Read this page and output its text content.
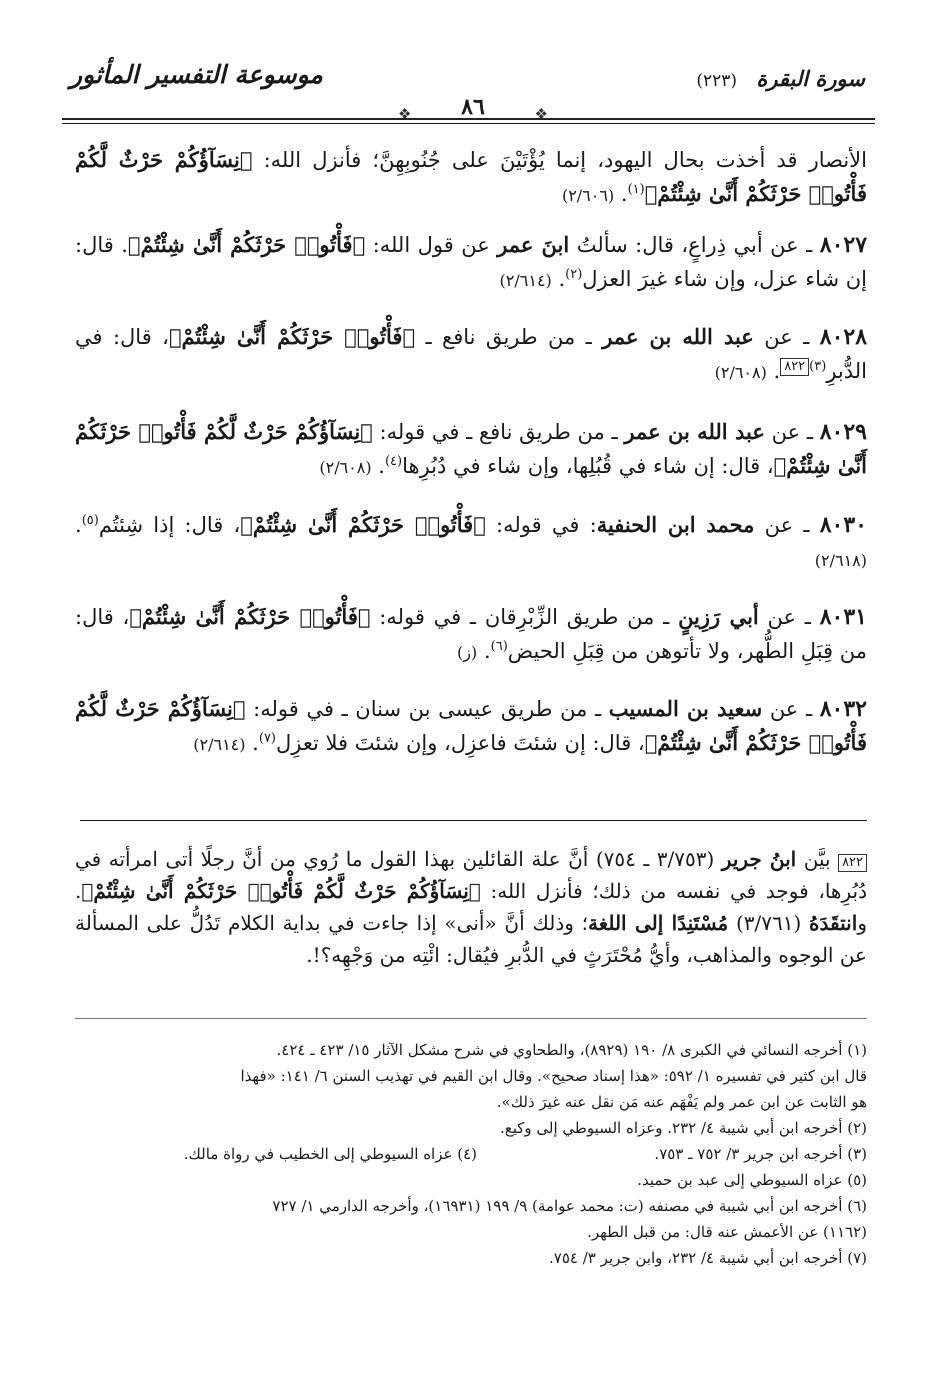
سورة البقرة (٢٢٣)
موسوعة التفسير المأثور
❖	٨٦	❖
الأنصار قد أخذت بحال اليهود، إنما يُؤْتَيْنَ على جُنُوبِهِنَّ؛ فأنزل الله: ﴿نِسَآؤُكُمْ حَرْثٌ لَّكُمْ فَأْتُوا۟ حَرْثَكُمْ أَنَّىٰ شِئْتُمْ﴾$^{(١)}$. (٢/٦٠٦)
٨٠٢٧ ـ عن أبي ذِراعٍ، قال: سألتُ ابنَ عمر عن قول الله: ﴿فَأْتُوا۟ حَرْثَكُمْ أَنَّىٰ شِئْتُمْ﴾. قال: إن شاء عزل، وإن شاء غيرَ العزل$^{(٢)}$. (٢/٦١٤)
٨٠٢٨ ـ عن عبد الله بن عمر ـ من طريق نافع ـ ﴿فَأْتُوا۟ حَرْثَكُمْ أَنَّىٰ شِئْتُمْ﴾، قال: في الدُّبرِ$^{(٣)}$٨٢٢. (٢/٦٠٨)
٨٠٢٩ ـ عن عبد الله بن عمر ـ من طريق نافع ـ في قوله: ﴿نِسَآؤُكُمْ حَرْثٌ لَّكُمْ فَأْتُوا۟ حَرْثَكُمْ أَنَّىٰ شِئْتُمْ﴾، قال: إن شاء في قُبُلِها، وإن شاء في دُبُرِها$^{(٤)}$. (٢/٦٠٨)
٨٠٣٠ ـ عن محمد ابن الحنفية: في قوله: ﴿فَأْتُوا۟ حَرْثَكُمْ أَنَّىٰ شِئْتُمْ﴾، قال: إذا شِئتُم$^{(٥)}$. (٢/٦١٨)
٨٠٣١ ـ عن أبي رَزِينٍ ـ من طريق الزِّبْرِقان ـ في قوله: ﴿فَأْتُوا۟ حَرْثَكُمْ أَنَّىٰ شِئْتُمْ﴾، قال: من قِبَلِ الطُّهر، ولا تأتوهن من قِبَلِ الحيض$^{(٦)}$. (ز)
٨٠٣٢ ـ عن سعيد بن المسيب ـ من طريق عيسى بن سنان ـ في قوله: ﴿نِسَآؤُكُمْ حَرْثٌ لَّكُمْ فَأْتُوا۟ حَرْثَكُمْ أَنَّىٰ شِئْتُمْ﴾، قال: إن شئتَ فاعزِل، وإن شئتَ فلا تعزِل$^{(٧)}$. (٢/٦١٤)
٨٢٢ بيَّن ابنُ جرير (٣/٧٥٣ ـ ٧٥٤) أنَّ علة القائلين بهذا القول ما رُوي من أنَّ رجلًا أتى امرأته في دُبُرِها، فوجد في نفسه من ذلك؛ فأنزل الله: ﴿نِسَآؤُكُمْ حَرْثٌ لَّكُمْ فَأْتُوا۟ حَرْثَكُمْ أَنَّىٰ شِئْتُمْ﴾. وانتقَدَهُ (٣/٧٦١) مُسْتَنِدًا إلى اللغة؛ وذلك أنَّ «أنى» إذا جاءت في بداية الكلام تَدُلُّ على المسألة عن الوجوه والمذاهب، وأيُّ مُحْتَرَثٍ في الدُّبرِ فيُقال: ائْتِه من وَجْهِه؟!.
(١) أخرجه النسائي في الكبرى ٨/ ١٩٠ (٨٩٢٩)، والطحاوي في شرح مشكل الآثار ١٥/ ٤٢٣ ـ ٤٢٤.
قال ابن كثير في تفسيره ١/ ٥٩٢: «هذا إسناد صحيح». وقال ابن القيم في تهذيب السنن ٦/ ١٤١: «فهذا
هو الثابت عن ابن عمر ولم يَفْهَم عنه مَن نقل عنه غيرَ ذلك».
(٢) أخرجه ابن أبي شيبة ٤/ ٢٣٢. وعزاه السيوطي إلى وكيع.
(٣) أخرجه ابن جرير ٣/ ٧٥٢ ـ ٧٥٣.
(٤) عزاه السيوطي إلى الخطيب في رواة مالك.
(٥) عزاه السيوطي إلى عبد بن حميد.
(٦) أخرجه ابن أبي شيبة في مصنفه (ت: محمد عوامة) ٩/ ١٩٩ (١٦٩٣١)، وأخرجه الدارمي ١/ ٧٢٧
(١١٦٢) عن الأعمش عنه قال: من قبل الطهر.
(٧) أخرجه ابن أبي شيبة ٤/ ٢٣٢، وابن جرير ٣/ ٧٥٤.
